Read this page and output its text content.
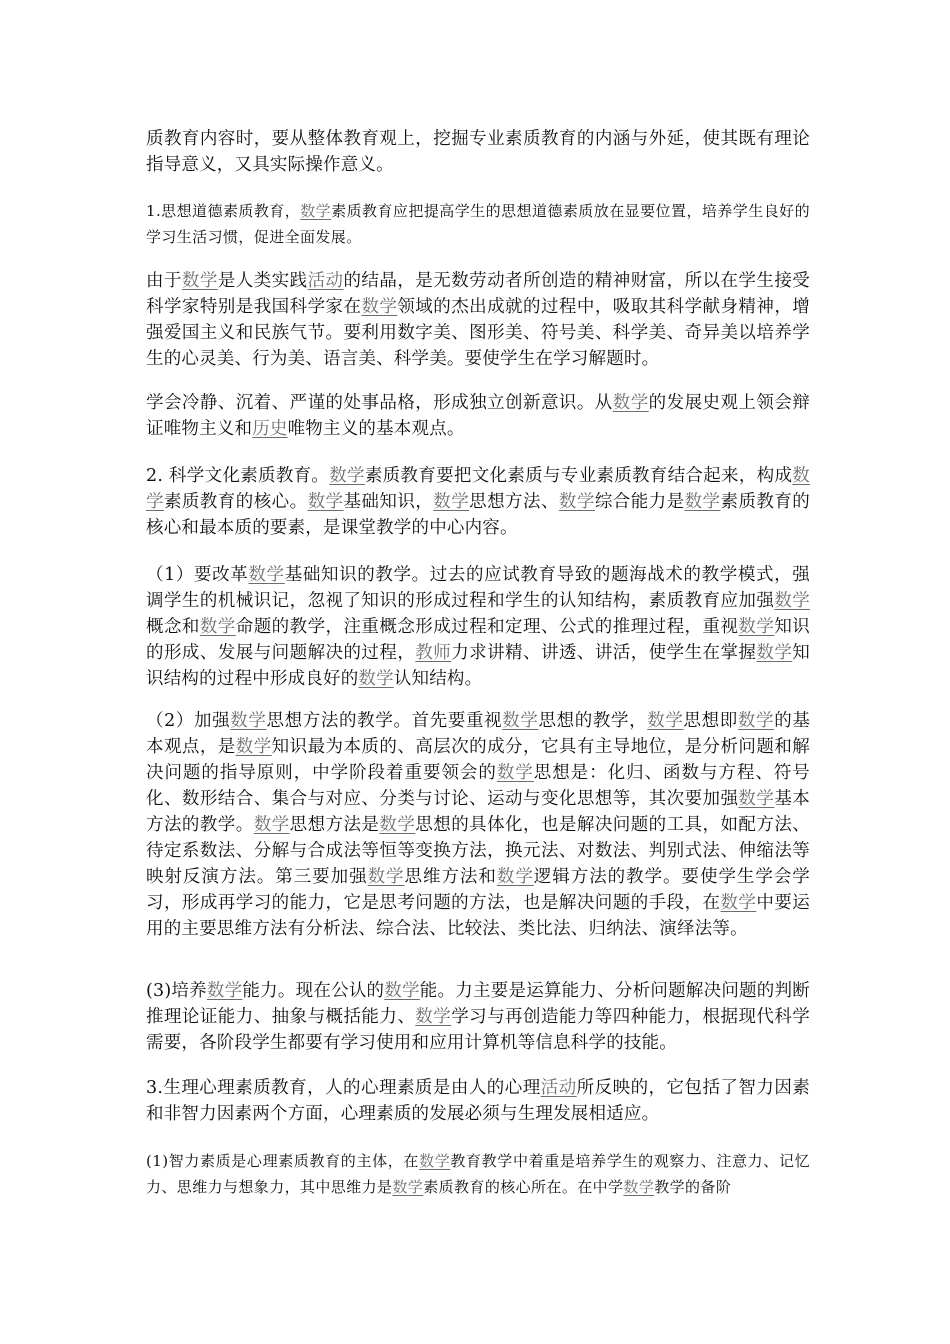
质教育内容时，要从整体教育观上，挖掘专业素质教育的内涵与外延，使其既有理论指导意义，又具实际操作意义。
1.思想道德素质教育，数学素质教育应把提高学生的思想道德素质放在显要位置，培养学生良好的学习生活习惯，促进全面发展。
由于数学是人类实践活动的结晶，是无数劳动者所创造的精神财富，所以在学生接受科学家特别是我国科学家在数学领域的杰出成就的过程中，吸取其科学献身精神，增强爱国主义和民族气节。要利用数字美、图形美、符号美、科学美、奇异美以培养学生的心灵美、行为美、语言美、科学美。要使学生在学习解题时。
学会冷静、沉着、严谨的处事品格，形成独立创新意识。从数学的发展史观上领会辩证唯物主义和历史唯物主义的基本观点。
2. 科学文化素质教育。数学素质教育要把文化素质与专业素质教育结合起来，构成数学素质教育的核心。数学基础知识，数学思想方法、数学综合能力是数学素质教育的核心和最本质的要素，是课堂教学的中心内容。
（1）要改革数学基础知识的教学。过去的应试教育导致的题海战术的教学模式，强调学生的机械识记，忽视了知识的形成过程和学生的认知结构，素质教育应加强数学概念和数学命题的教学，注重概念形成过程和定理、公式的推理过程，重视数学知识的形成、发展与问题解决的过程，教师力求讲精、讲透、讲活，使学生在掌握数学知识结构的过程中形成良好的数学认知结构。
（2）加强数学思想方法的教学。首先要重视数学思想的教学，数学思想即数学的基本观点，是数学知识最为本质的、高层次的成分，它具有主导地位，是分析问题和解决问题的指导原则，中学阶段着重要领会的数学思想是：化归、函数与方程、符号化、数形结合、集合与对应、分类与讨论、运动与变化思想等，其次要加强数学基本方法的教学。数学思想方法是数学思想的具体化，也是解决问题的工具，如配方法、待定系数法、分解与合成法等恒等变换方法，换元法、对数法、判别式法、伸缩法等映射反演方法。第三要加强数学思维方法和数学逻辑方法的教学。要使学生学会学习，形成再学习的能力，它是思考问题的方法，也是解决问题的手段，在数学中要运用的主要思维方法有分析法、综合法、比较法、类比法、归纳法、演绎法等。
(3)培养数学能力。现在公认的数学能。力主要是运算能力、分析问题解决问题的判断推理论证能力、抽象与概括能力、数学学习与再创造能力等四种能力，根据现代科学需要，各阶段学生都要有学习使用和应用计算机等信息科学的技能。
3.生理心理素质教育，人的心理素质是由人的心理活动所反映的，它包括了智力因素和非智力因素两个方面，心理素质的发展必须与生理发展相适应。
(1)智力素质是心理素质教育的主体，在数学教育教学中着重是培养学生的观察力、注意力、记忆力、思维力与想象力，其中思维力是数学素质教育的核心所在。在中学数学教学的备阶
